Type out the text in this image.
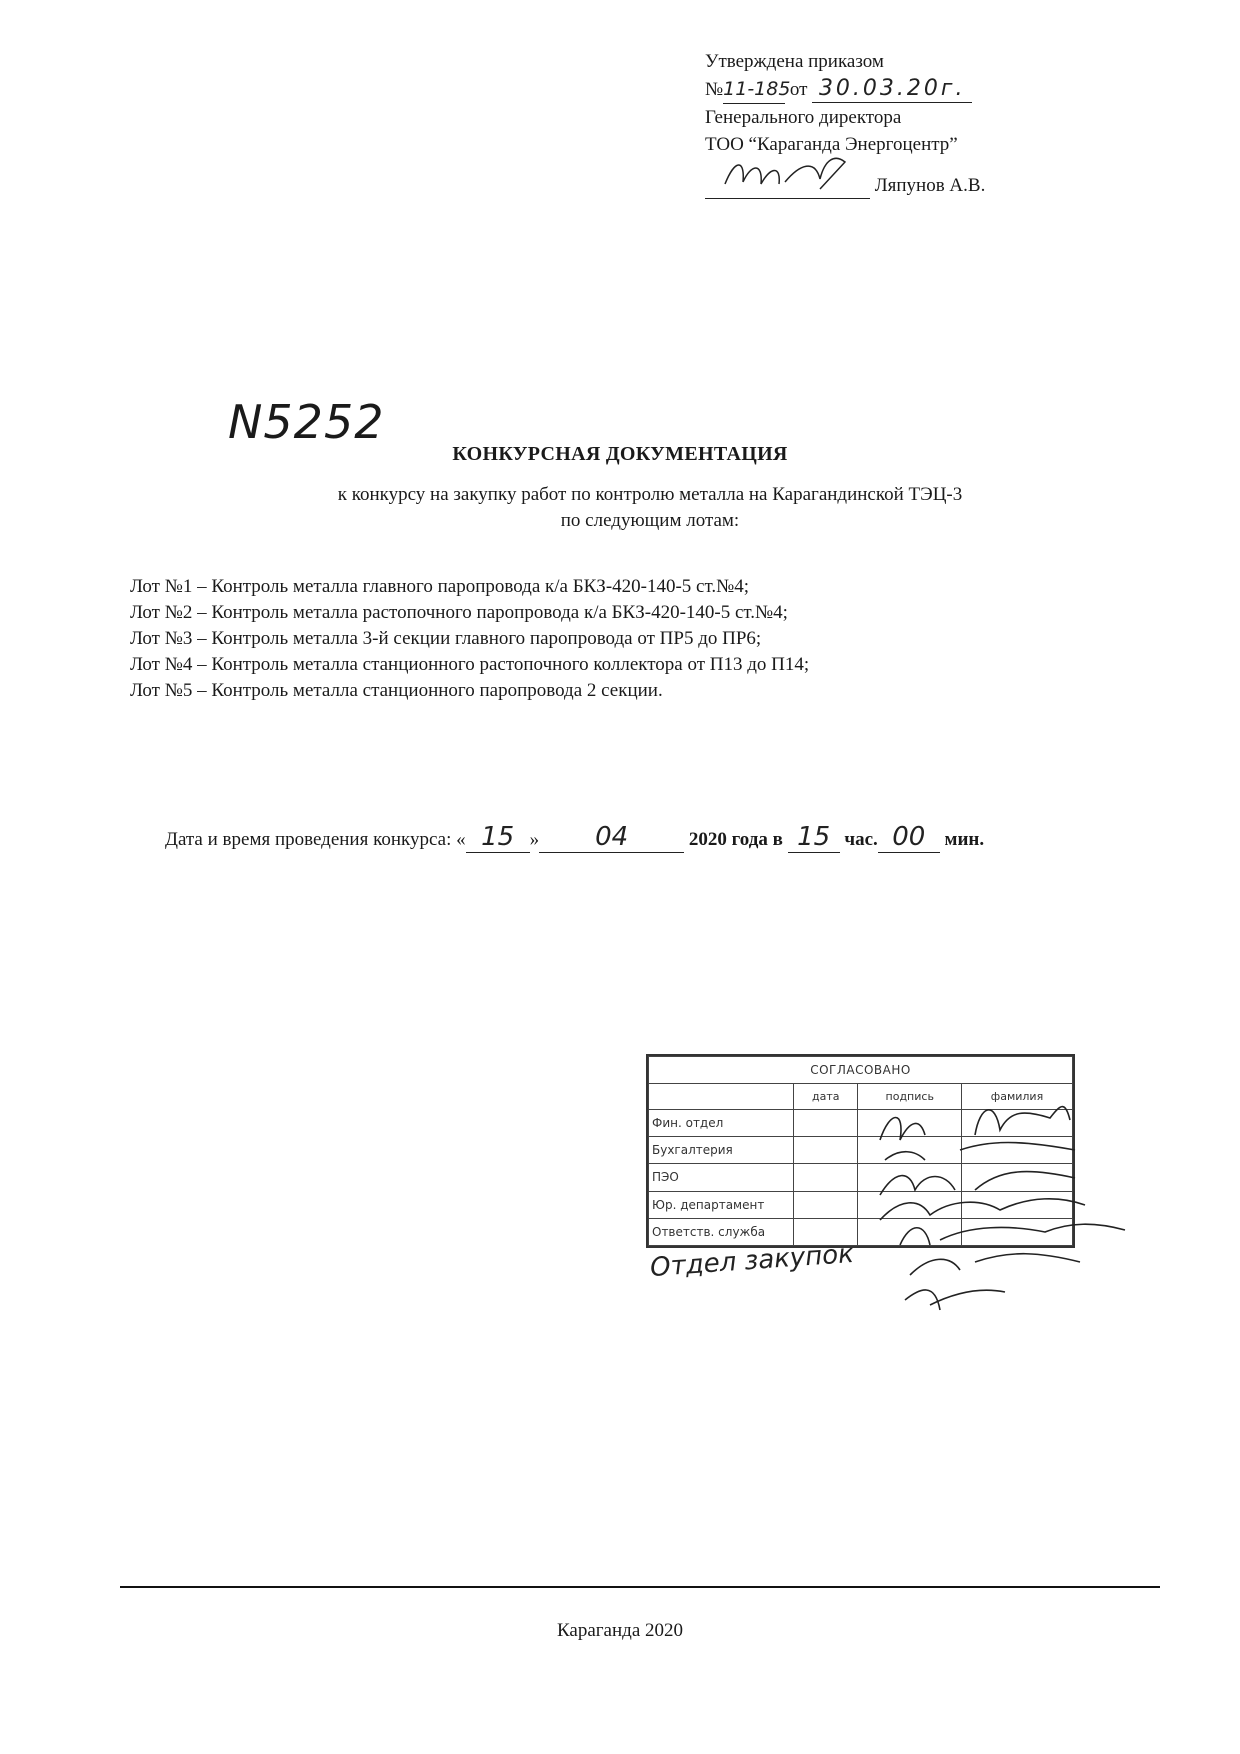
Утверждена приказом
№11-185 от 30.03.20г.
Генерального директора
ТОО “Караганда Энергоцентр”
Ляпунов А.В.
N5252
КОНКУРСНАЯ ДОКУМЕНТАЦИЯ
к конкурсу на закупку работ по контролю металла на Карагандинской ТЭЦ-3
по следующим лотам:
Лот №1 – Контроль металла главного паропровода к/а БКЗ-420-140-5 ст.№4;
Лот №2 – Контроль металла растопочного паропровода к/а БКЗ-420-140-5 ст.№4;
Лот №3 – Контроль металла 3-й секции главного паропровода от ПР5 до ПР6;
Лот №4 – Контроль металла станционного растопочного коллектора от П13 до П14;
Лот №5 – Контроль металла станционного паропровода 2 секции.
Дата и время проведения конкурса: « 15 » 04	2020 года в 15 час. 00 мин.
СОГЛАСОВАНО			
	дата	подпись	фамилия
Фин. отдел			
Бухгалтерия			
ПЭО			
Юр. департамент			
Ответств. служба			
Отдел закупок
Караганда 2020
